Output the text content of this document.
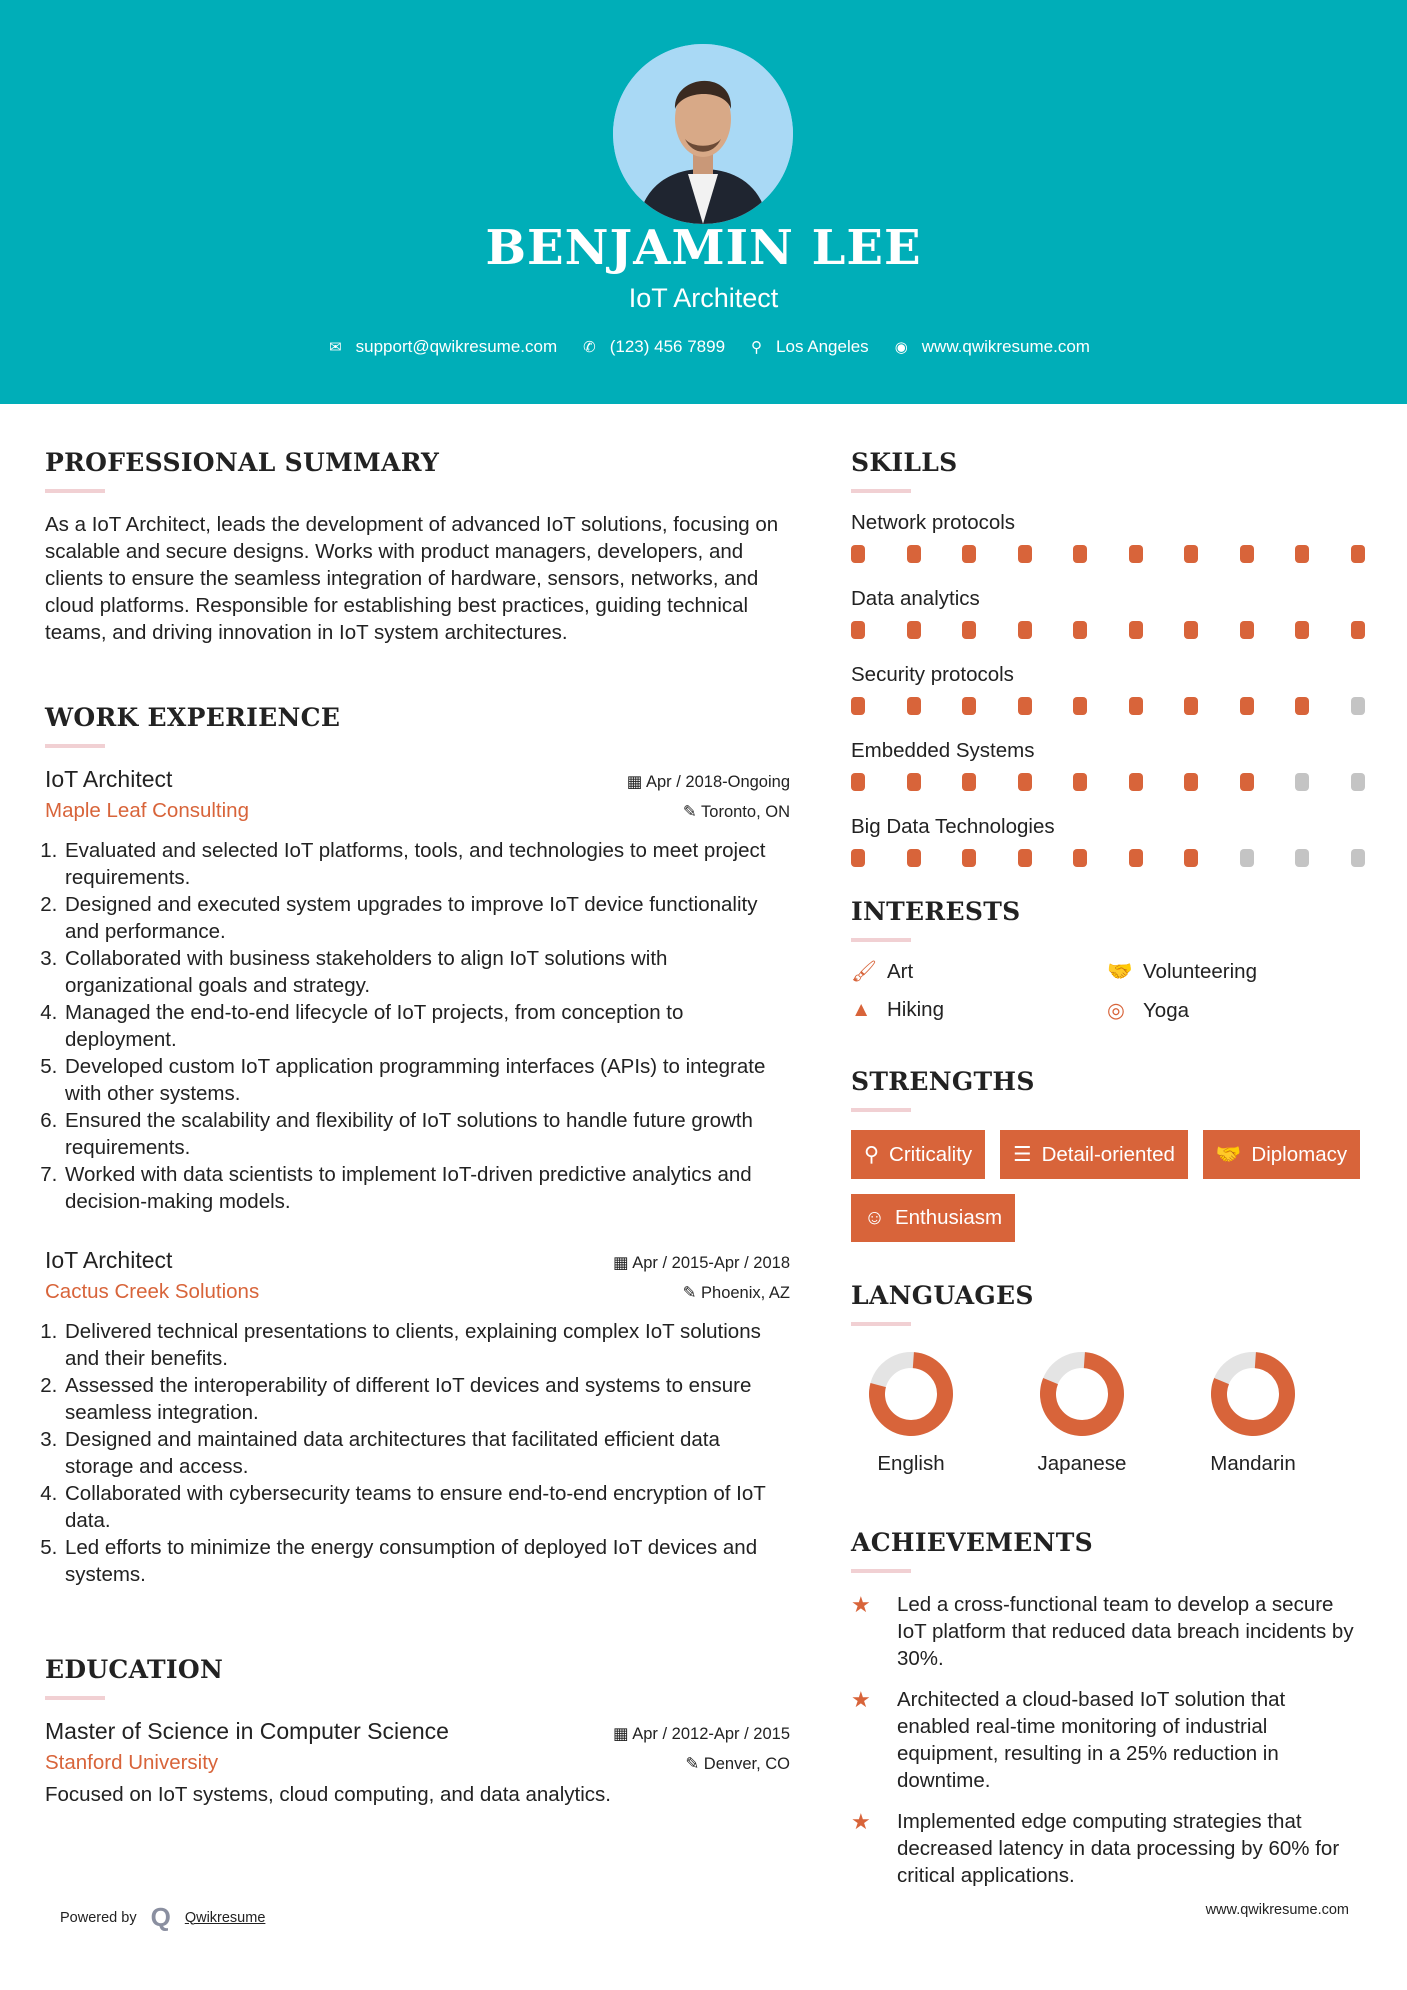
BENJAMIN LEE
IoT Architect
✉ support@qwikresume.com ✆ (123) 456 7899 ⚲ Los Angeles ◉ www.qwikresume.com
PROFESSIONAL SUMMARY
As a IoT Architect, leads the development of advanced IoT solutions, focusing on scalable and secure designs. Works with product managers, developers, and clients to ensure the seamless integration of hardware, sensors, networks, and cloud platforms. Responsible for establishing best practices, guiding technical teams, and driving innovation in IoT system architectures.
WORK EXPERIENCE
IoT Architect	▦ Apr / 2018-Ongoing
Maple Leaf Consulting	✎ Toronto, ON
1. Evaluated and selected IoT platforms, tools, and technologies to meet project requirements.
2. Designed and executed system upgrades to improve IoT device functionality and performance.
3. Collaborated with business stakeholders to align IoT solutions with organizational goals and strategy.
4. Managed the end-to-end lifecycle of IoT projects, from conception to deployment.
5. Developed custom IoT application programming interfaces (APIs) to integrate with other systems.
6. Ensured the scalability and flexibility of IoT solutions to handle future growth requirements.
7. Worked with data scientists to implement IoT-driven predictive analytics and decision-making models.
IoT Architect	▦ Apr / 2015-Apr / 2018
Cactus Creek Solutions	✎ Phoenix, AZ
1. Delivered technical presentations to clients, explaining complex IoT solutions and their benefits.
2. Assessed the interoperability of different IoT devices and systems to ensure seamless integration.
3. Designed and maintained data architectures that facilitated efficient data storage and access.
4. Collaborated with cybersecurity teams to ensure end-to-end encryption of IoT data.
5. Led efforts to minimize the energy consumption of deployed IoT devices and systems.
EDUCATION
Master of Science in Computer Science	▦ Apr / 2012-Apr / 2015
Stanford University	✎ Denver, CO
Focused on IoT systems, cloud computing, and data analytics.
SKILLS
Network protocols
Data analytics
Security protocols
Embedded Systems
Big Data Technologies
INTERESTS
🖌 Art	🤝 Volunteering
▲ Hiking	◎ Yoga
STRENGTHS
⚲ Criticality ☰ Detail-oriented 🤝 Diplomacy
☺ Enthusiasm
LANGUAGES
English	Japanese	Mandarin
ACHIEVEMENTS
★	Led a cross-functional team to develop a secure IoT platform that reduced data breach incidents by 30%.
★	Architected a cloud-based IoT solution that enabled real-time monitoring of industrial equipment, resulting in a 25% reduction in downtime.
★	Implemented edge computing strategies that decreased latency in data processing by 60% for critical applications.
Powered by Q Qwikresume	www.qwikresume.com
